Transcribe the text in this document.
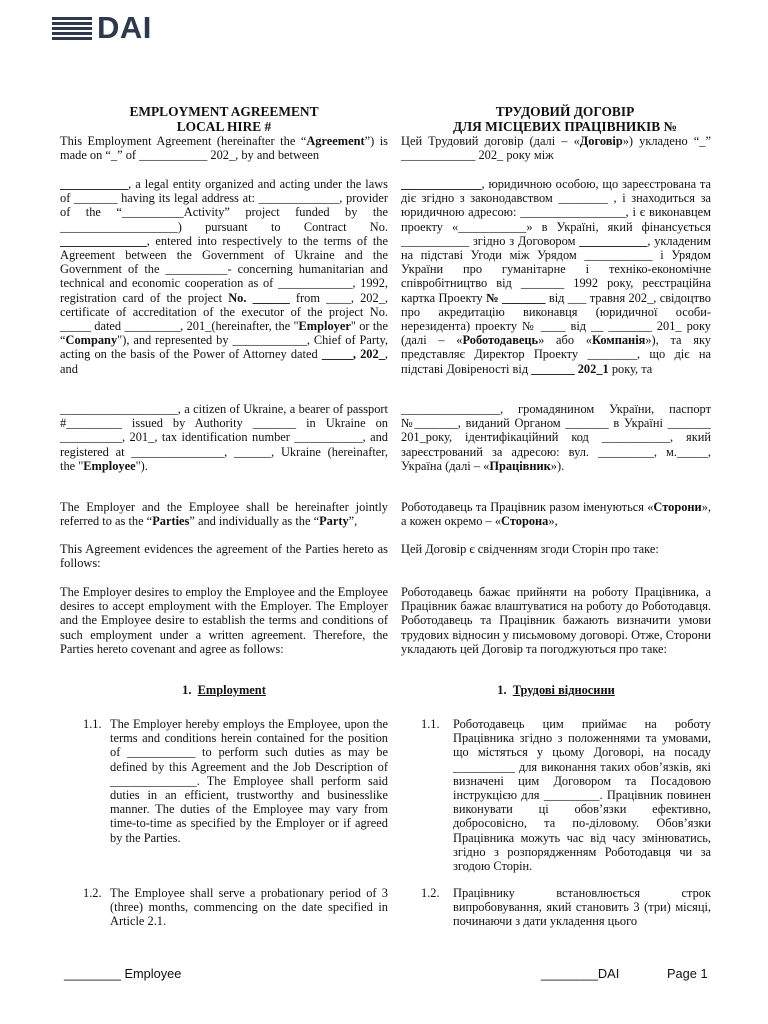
DAI
EMPLOYMENT AGREEMENT
LOCAL HIRE #
This Employment Agreement (hereinafter the “Agreement”) is made on “_” of ___________ 202_, by and between
___________, a legal entity organized and acting under the laws of _______ having its legal address at: _____________, provider of the “__________Activity” project funded by the ___________________) pursuant to Contract No. ______________, entered into respectively to the terms of the Agreement between the Government of Ukraine and the Government of the __________- concerning humanitarian and technical and economic cooperation as of ____________, 1992, registration card of the project No. ______ from ____, 202_, certificate of accreditation of the executor of the project No. _____ dated _________, 201_(hereinafter, the "Employer" or the “Company"), and represented by ____________, Chief of Party, acting on the basis of the Power of Attorney dated _____, 202_, and
___________________, a citizen of Ukraine, a bearer of passport #_________ issued by Authority _______ in Ukraine on __________, 201_, tax identification number ___________, and registered at _______________, ______, Ukraine (hereinafter, the "Employee").
The Employer and the Employee shall be hereinafter jointly referred to as the “Parties” and individually as the “Party”,
This Agreement evidences the agreement of the Parties hereto as follows:
The Employer desires to employ the Employee and the Employee desires to accept employment with the Employer. The Employer and the Employee desire to establish the terms and conditions of such employment under a written agreement. Therefore, the Parties hereto covenant and agree as follows:
1. Employment
1.1. The Employer hereby employs the Employee, upon the terms and conditions herein contained for the position of ___________ to perform such duties as may be defined by this Agreement and the Job Description of ______________. The Employee shall perform said duties in an efficient, trustworthy and businesslike manner. The duties of the Employee may vary from time-to-time as specified by the Employer or if agreed by the Parties.
1.2. The Employee shall serve a probationary period of 3 (three) months, commencing on the date specified in Article 2.1.
ТРУДОВИЙ ДОГОВІР
ДЛЯ МІСЦЕВИХ ПРАЦІВНИКІВ №
Цей Трудовий договір (далі – «Договір») укладено “_” ____________ 202_ року між
_____________, юридичною особою, що зареєстрована та діє згідно з законодавством ________ , і знаходиться за юридичною адресою: _________________, і є виконавцем проекту «___________» в Україні, який фінансується ___________ згідно з Договором ___________, укладеним на підставі Угоди між Урядом ___________ і Урядом України про гуманітарне і техніко-економічне співробітництво від _______ 1992 року, реєстраційна картка Проекту № _______ від ___ травня 202_, свідоцтво про акредитацію виконавця (юридичної особи-нерезидента) проекту № ____ від __ _______ 201_ року (далі – «Роботодавець» або «Компанія»), та яку представляє Директор Проекту ________, що діє на підставі Довіреності від _______ 202_1 року, та
________________, громадянином України, паспорт №_______, виданий Органом _______ в Україні _______ 201_року, ідентифікаційний код ___________, який зареєстрований за адресою: вул. _________, м._____, Україна (далі – «Працівник»).
Роботодавець та Працівник разом іменуються «Сторони», а кожен окремо – «Сторона»,
Цей Договір є свідченням згоди Сторін про таке:
Роботодавець бажає прийняти на роботу Працівника, а Працівник бажає влаштуватися на роботу до Роботодавця. Роботодавець та Працівник бажають визначити умови трудових відносин у письмовому договорі. Отже, Сторони укладають цей Договір та погоджуються про таке:
1. Трудові відносини
1.1. Роботодавець цим приймає на роботу Працівника згідно з положеннями та умовами, що містяться у цьому Договорі, на посаду __________ для виконання таких обов’язків, які визначені цим Договором та Посадовою інструкцією для _________. Працівник повинен виконувати ці обов’язки ефективно, добросовісно, та по-діловому. Обов’язки Працівника можуть час від часу змінюватись, згідно з розпорядженням Роботодавця чи за згодою Сторін.
1.2. Працівнику встановлюється строк випробовування, який становить 3 (три) місяці, починаючи з дати укладення цього
________ Employee	________DAI	Page 1
